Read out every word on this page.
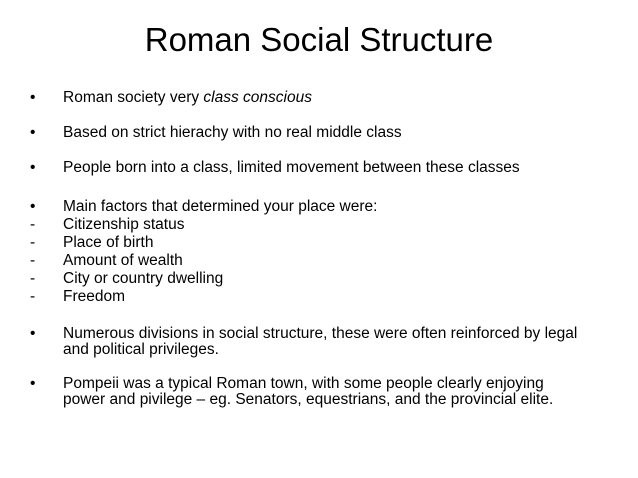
Roman Social Structure
•	Roman society very class conscious
•	Based on strict hierachy with no real middle class
•	People born into a class, limited movement between these classes
•	Main factors that determined your place were:
-	Citizenship status
-	Place of birth
-	Amount of wealth
-	City or country dwelling
-	Freedom
•	Numerous divisions in social structure, these were often reinforced by legal
and political privileges.
•	Pompeii was a typical Roman town, with some people clearly enjoying
power and pivilege – eg. Senators, equestrians, and the provincial elite.
